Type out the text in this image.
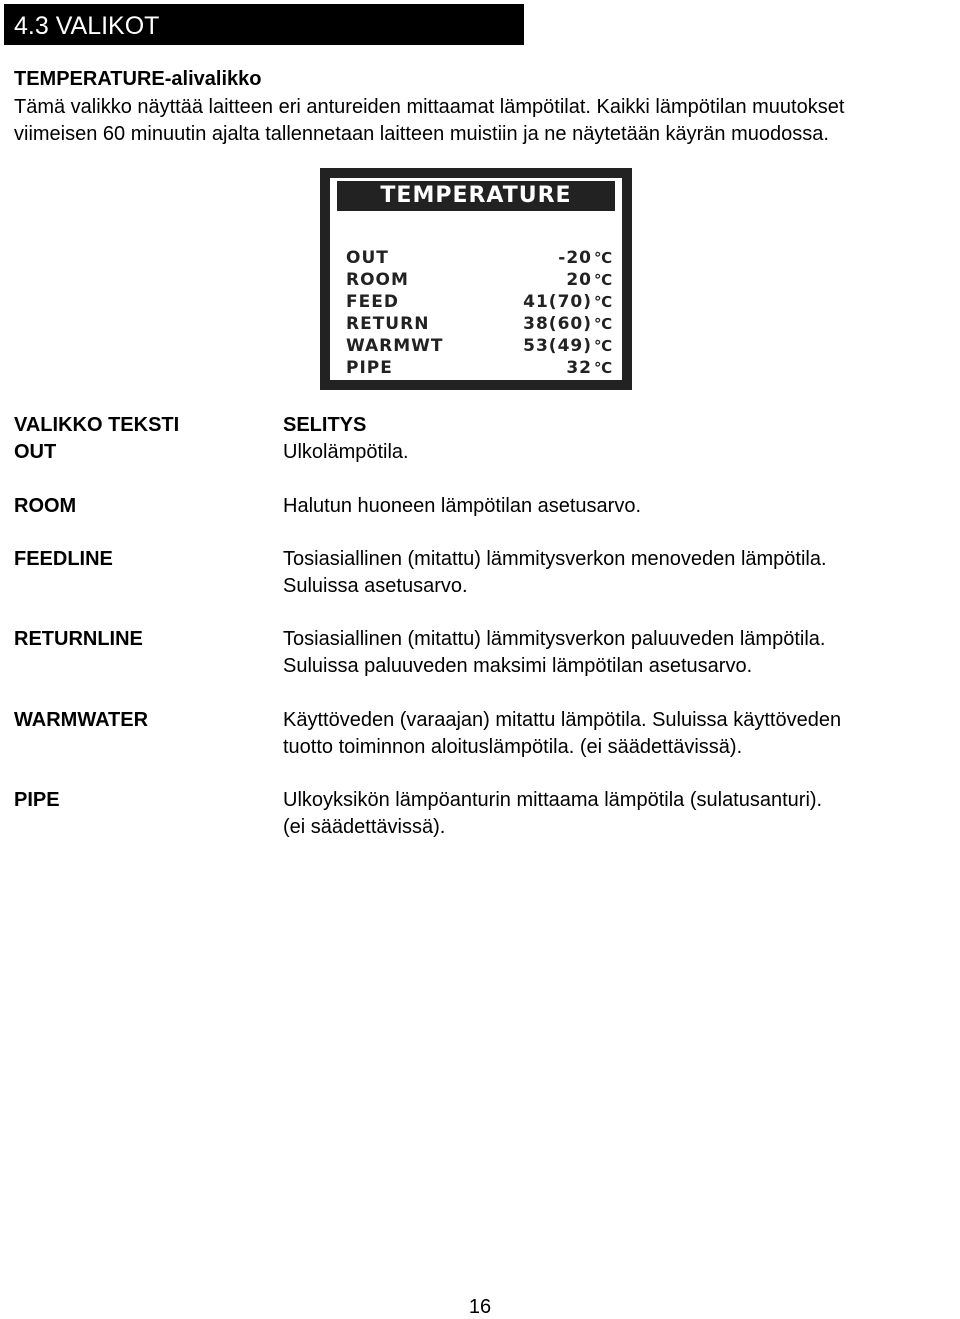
4.3 VALIKOT
TEMPERATURE-alivalikko
Tämä valikko näyttää laitteen eri antureiden mittaamat lämpötilat. Kaikki lämpötilan muutokset
viimeisen 60 minuutin ajalta tallennetaan laitteen muistiin ja ne näytetään käyrän muodossa.
TEMPERATURE
OUT	-20 ℃
ROOM	20 ℃
FEED	41(70) ℃
RETURN	38(60) ℃
WARMWT	53(49) ℃
PIPE	32 ℃
VALIKKO TEKSTI	SELITYS
OUT	Ulkolämpötila.
ROOM	Halutun huoneen lämpötilan asetusarvo.
FEEDLINE	Tosiasiallinen (mitattu) lämmitysverkon menoveden lämpötila.
Suluissa asetusarvo.
RETURNLINE	Tosiasiallinen (mitattu) lämmitysverkon paluuveden lämpötila.
Suluissa paluuveden maksimi lämpötilan asetusarvo.
WARMWATER	Käyttöveden (varaajan) mitattu lämpötila. Suluissa käyttöveden
tuotto toiminnon aloituslämpötila. (ei säädettävissä).
PIPE	Ulkoyksikön lämpöanturin mittaama lämpötila (sulatusanturi).
(ei säädettävissä).
16
